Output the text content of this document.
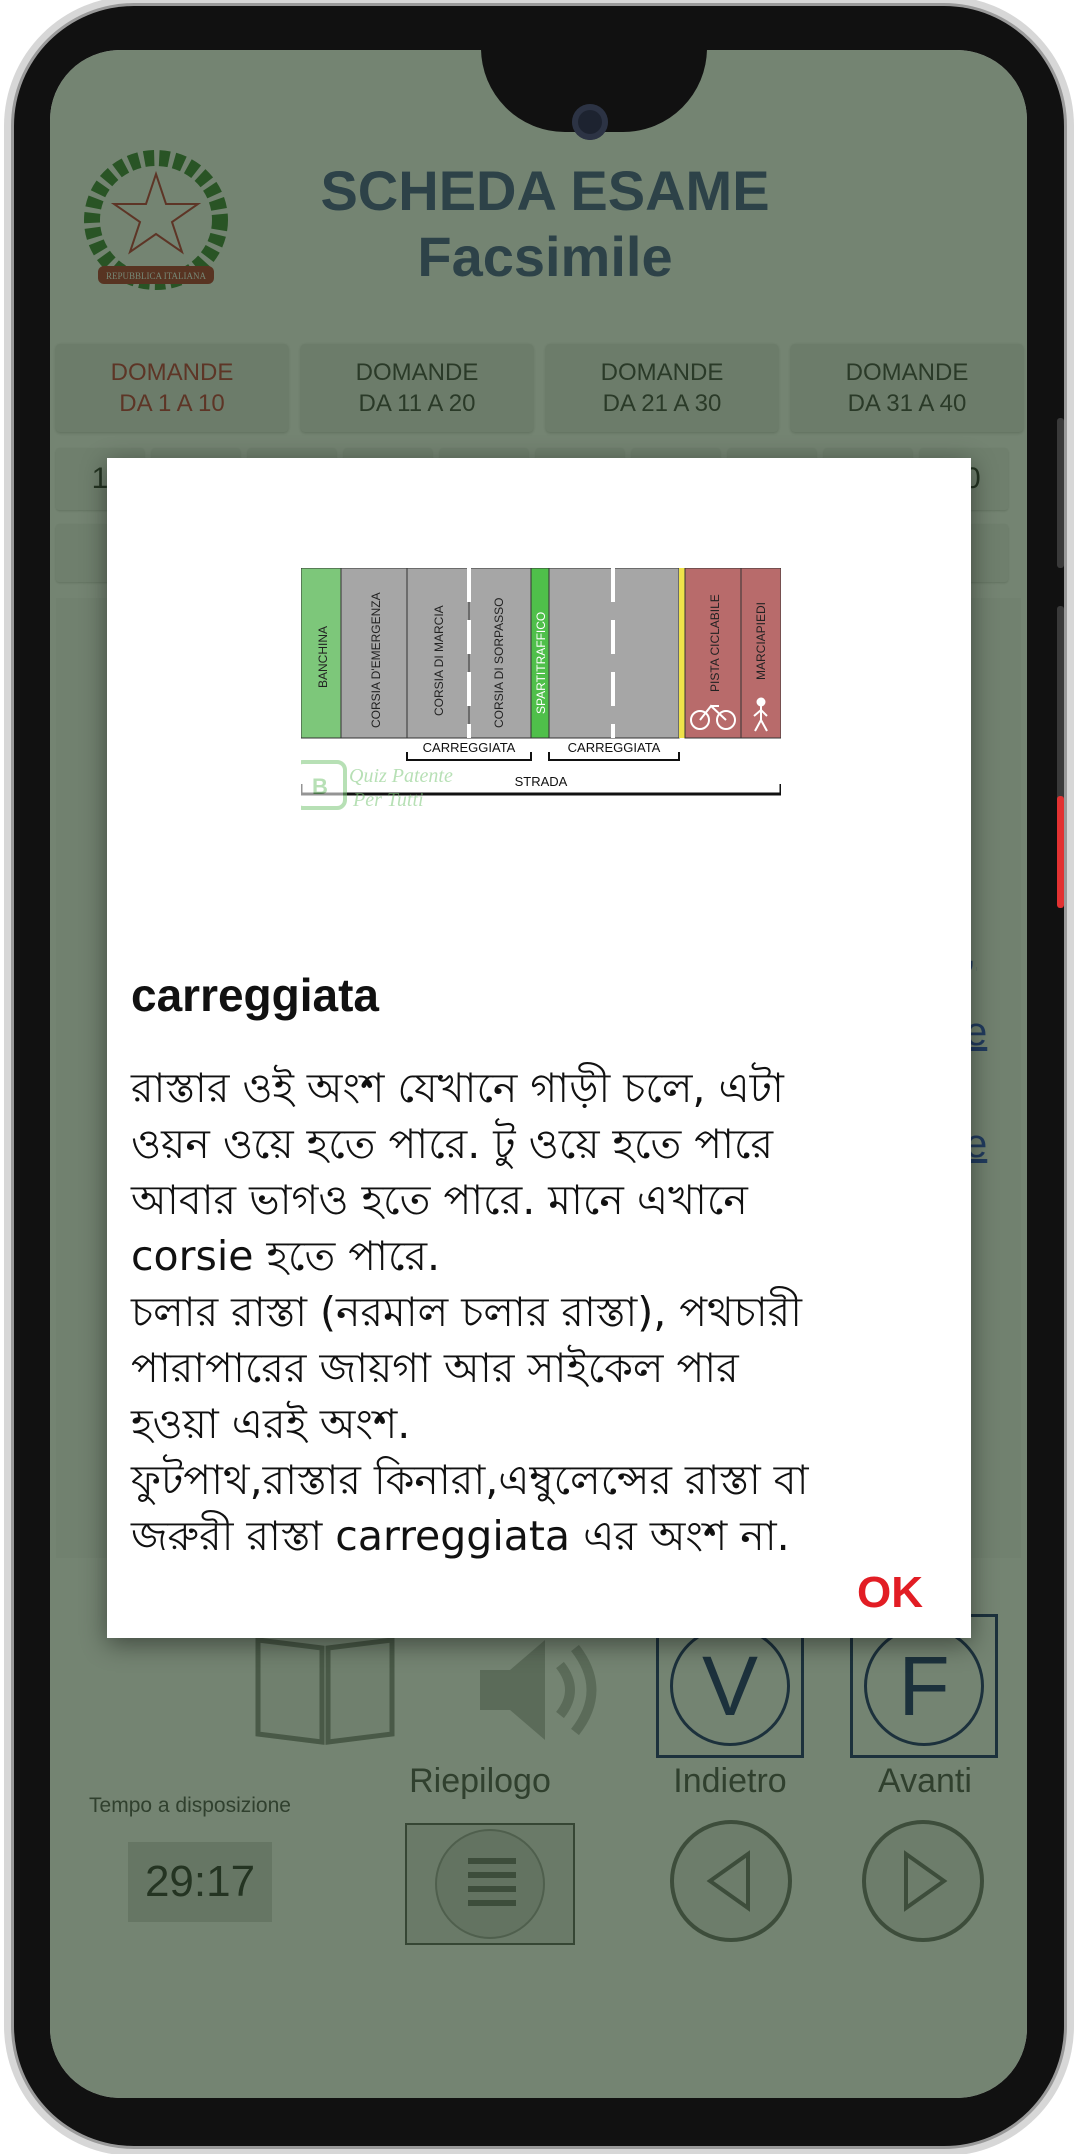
BANCHINA	CORSIA D'EMERGENZA	CORSIA DI MARCIA	CORSIA DI SORPASSO SPARTITRAFFICO	PISTA CICLABILE	MARCIAPIEDI
CARREGGIATA	CARREGGIATA
STRADA
B Quiz Patente
Per Tutti
carreggiata
রাস্তার ওই অংশ যেখানে গাড়ী চলে, এটা
ওয়ন ওয়ে হতে পারে. টু ওয়ে হতে পারে
আবার ভাগও হতে পারে. মানে এখানে
corsie হতে পারে.
চলার রাস্তা (নরমাল চলার রাস্তা), পথচারী
পারাপারের জায়গা আর সাইকেল পার
হওয়া এরই অংশ.
ফুটপাথ,রাস্তার কিনারা,এম্বুলেন্সের রাস্তা বা
জরুরী রাস্তা carreggiata এর অংশ না.
OK
